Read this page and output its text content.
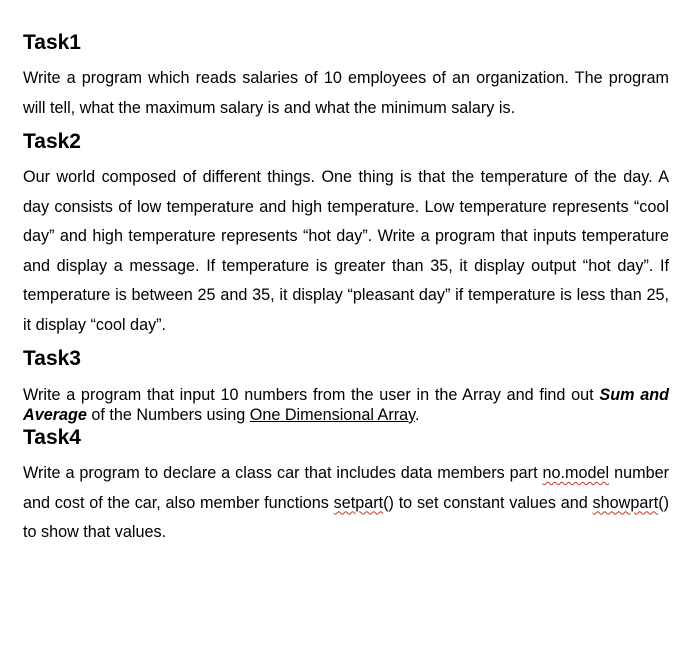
Task1

Write a program which reads salaries of 10 employees of an organization. The program will tell, what the maximum salary is and what the minimum salary is.

Task2

Our world composed of different things. One thing is that the temperature of the day. A day consists of low temperature and high temperature. Low temperature represents “cool day” and high temperature represents “hot day”. Write a program that inputs temperature and display a message. If temperature is greater than 35, it display output “hot day”. If temperature is between 25 and 35, it display “pleasant day” if temperature is less than 25, it display “cool day”.

Task3

Write a program that input 10 numbers from the user in the Array and find out Sum and Average of the Numbers using One Dimensional Array.

Task4

Write a program to declare a class car that includes data members part no.model number and cost of the car, also member functions setpart() to set constant values and showpart() to show that values.
